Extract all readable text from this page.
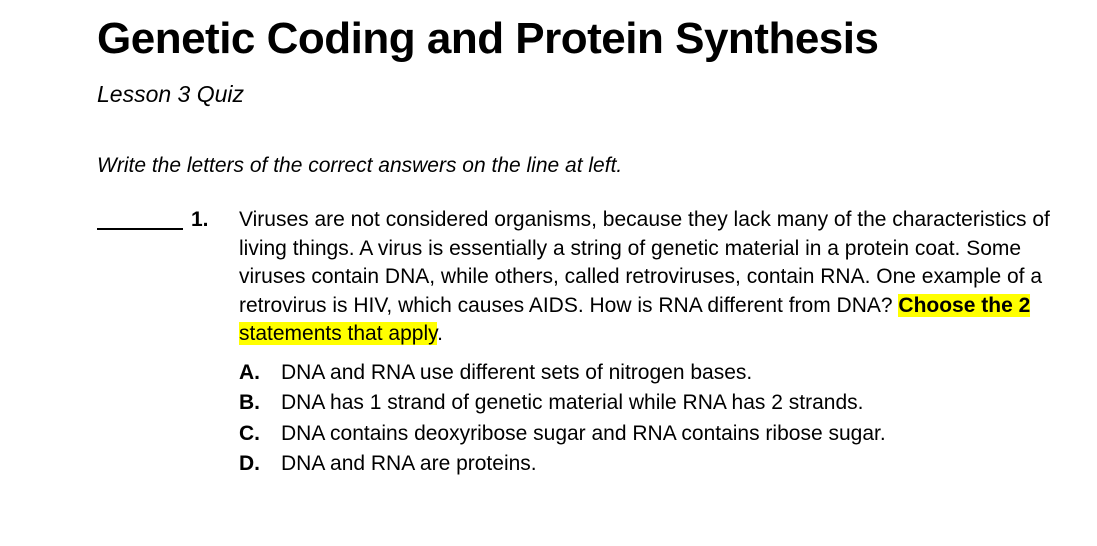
Genetic Coding and Protein Synthesis
Lesson 3 Quiz
Write the letters of the correct answers on the line at left.
1.	Viruses are not considered organisms, because they lack many of the characteristics of living things. A virus is essentially a string of genetic material in a protein coat. Some viruses contain DNA, while others, called retroviruses, contain RNA. One example of a retrovirus is HIV, which causes AIDS. How is RNA different from DNA? Choose the 2 statements that apply.

A.	DNA and RNA use different sets of nitrogen bases.
B.	DNA has 1 strand of genetic material while RNA has 2 strands.
C.	DNA contains deoxyribose sugar and RNA contains ribose sugar.
D.	DNA and RNA are proteins.
